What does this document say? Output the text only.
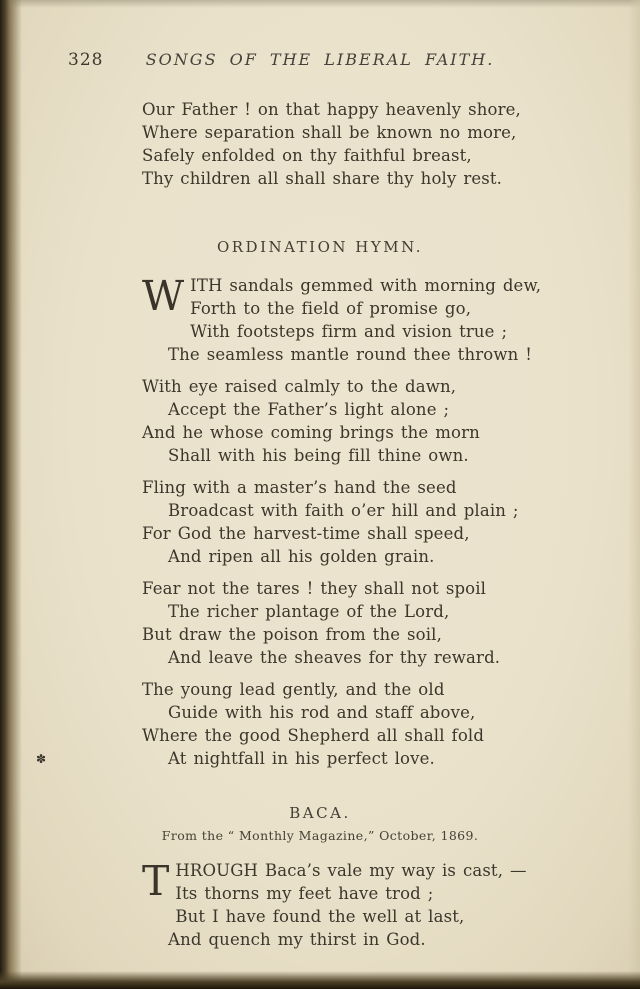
328	SONGS OF THE LIBERAL FAITH.
Our Father ! on that happy heavenly shore,
Where separation shall be known no more,
Safely enfolded on thy faithful breast,
Thy children all shall share thy holy rest.
ORDINATION HYMN.
W ITH sandals gemmed with morning dew,
Forth to the field of promise go,
With footsteps firm and vision true ;
The seamless mantle round thee thrown !
With eye raised calmly to the dawn,
Accept the Father’s light alone ;
And he whose coming brings the morn
Shall with his being fill thine own.
Fling with a master’s hand the seed
Broadcast with faith o’er hill and plain ;
For God the harvest-time shall speed,
And ripen all his golden grain.
Fear not the tares ! they shall not spoil
The richer plantage of the Lord,
But draw the poison from the soil,
And leave the sheaves for thy reward.
The young lead gently, and the old
Guide with his rod and staff above,
Where the good Shepherd all shall fold
At nightfall in his perfect love.
BACA.
From the “ Monthly Magazine,” October, 1869.
T HROUGH Baca’s vale my way is cast, —
Its thorns my feet have trod ;
But I have found the well at last,
And quench my thirst in God.
✽
